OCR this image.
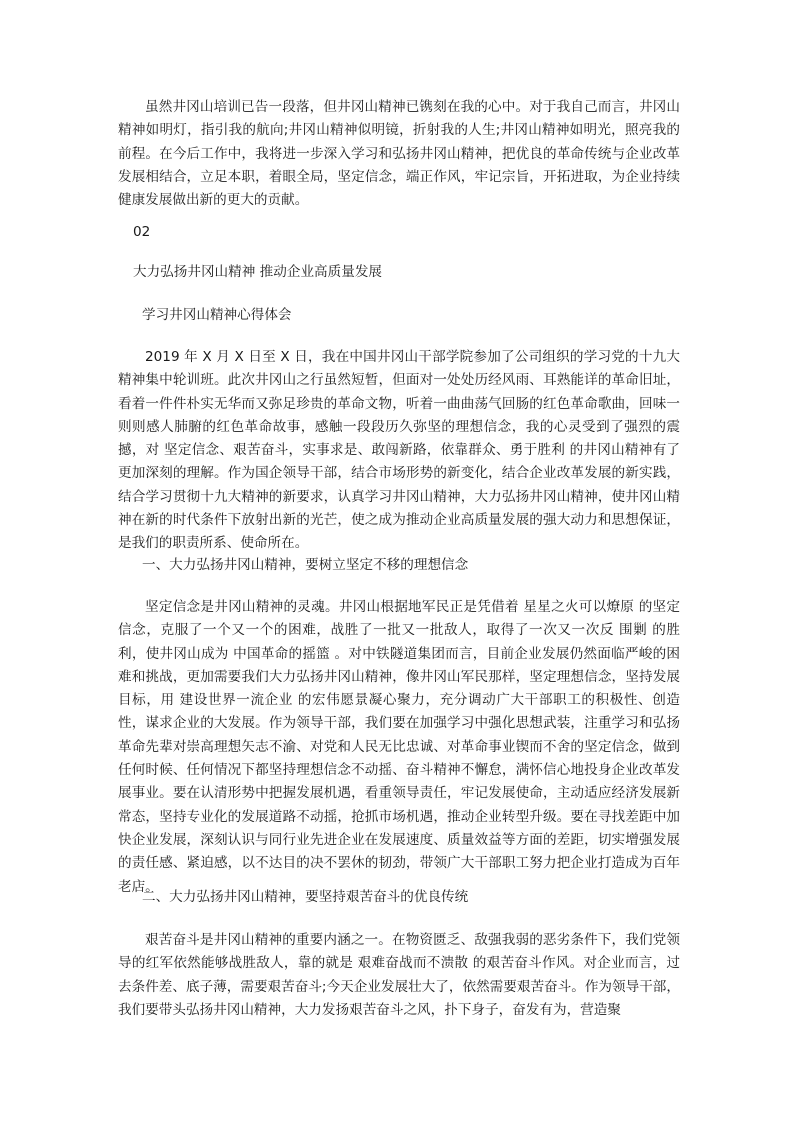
虽然井冈山培训已告一段落，但井冈山精神已镌刻在我的心中。对于我自己而言，井冈山精神如明灯，指引我的航向;井冈山精神似明镜，折射我的人生;井冈山精神如明光，照亮我的前程。在今后工作中，我将进一步深入学习和弘扬井冈山精神，把优良的革命传统与企业改革发展相结合，立足本职，着眼全局，坚定信念，端正作风，牢记宗旨，开拓进取，为企业持续健康发展做出新的更大的贡献。

02

大力弘扬井冈山精神 推动企业高质量发展

学习井冈山精神心得体会

2019 年 X 月 X 日至 X 日，我在中国井冈山干部学院参加了公司组织的学习党的十九大精神集中轮训班。此次井冈山之行虽然短暂，但面对一处处历经风雨、耳熟能详的革命旧址，看着一件件朴实无华而又弥足珍贵的革命文物，听着一曲曲荡气回肠的红色革命歌曲，回味一则则感人肺腑的红色革命故事，感触一段段历久弥坚的理想信念，我的心灵受到了强烈的震撼，对 坚定信念、艰苦奋斗，实事求是、敢闯新路，依靠群众、勇于胜利 的井冈山精神有了更加深刻的理解。作为国企领导干部，结合市场形势的新变化，结合企业改革发展的新实践，结合学习贯彻十九大精神的新要求，认真学习井冈山精神，大力弘扬井冈山精神，使井冈山精神在新的时代条件下放射出新的光芒，使之成为推动企业高质量发展的强大动力和思想保证，是我们的职责所系、使命所在。

一、大力弘扬井冈山精神，要树立坚定不移的理想信念

坚定信念是井冈山精神的灵魂。井冈山根据地军民正是凭借着 星星之火可以燎原 的坚定信念，克服了一个又一个的困难，战胜了一批又一批敌人，取得了一次又一次反 围剿 的胜利，使井冈山成为 中国革命的摇篮 。对中铁隧道集团而言，目前企业发展仍然面临严峻的困难和挑战，更加需要我们大力弘扬井冈山精神，像井冈山军民那样，坚定理想信念，坚持发展目标，用 建设世界一流企业 的宏伟愿景凝心聚力，充分调动广大干部职工的积极性、创造性，谋求企业的大发展。作为领导干部，我们要在加强学习中强化思想武装，注重学习和弘扬革命先辈对崇高理想矢志不渝、对党和人民无比忠诚、对革命事业锲而不舍的坚定信念，做到任何时候、任何情况下都坚持理想信念不动摇、奋斗精神不懈怠，满怀信心地投身企业改革发展事业。要在认清形势中把握发展机遇，看重领导责任，牢记发展使命，主动适应经济发展新常态，坚持专业化的发展道路不动摇，抢抓市场机遇，推动企业转型升级。要在寻找差距中加快企业发展，深刻认识与同行业先进企业在发展速度、质量效益等方面的差距，切实增强发展的责任感、紧迫感，以不达目的决不罢休的韧劲，带领广大干部职工努力把企业打造成为百年老店。

二、大力弘扬井冈山精神，要坚持艰苦奋斗的优良传统

艰苦奋斗是井冈山精神的重要内涵之一。在物资匮乏、敌强我弱的恶劣条件下，我们党领导的红军依然能够战胜敌人，靠的就是 艰难奋战而不溃散 的艰苦奋斗作风。对企业而言，过去条件差、底子薄，需要艰苦奋斗;今天企业发展壮大了，依然需要艰苦奋斗。作为领导干部，我们要带头弘扬井冈山精神，大力发扬艰苦奋斗之风，扑下身子，奋发有为，营造聚
